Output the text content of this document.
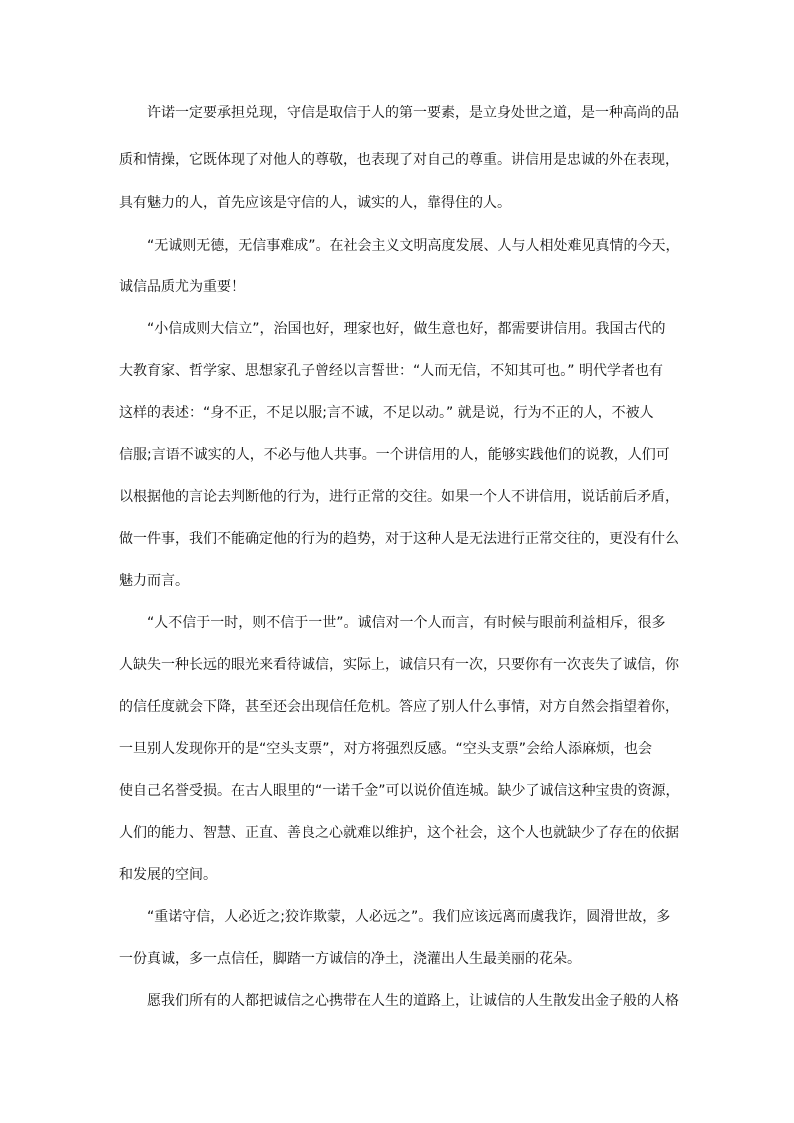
许诺一定要承担兑现，守信是取信于人的第一要素，是立身处世之道，是一种高尚的品
质和情操，它既体现了对他人的尊敬，也表现了对自己的尊重。讲信用是忠诚的外在表现，
具有魅力的人，首先应该是守信的人，诚实的人，靠得住的人。
“无诚则无德，无信事难成”。在社会主义文明高度发展、人与人相处难见真情的今天，
诚信品质尤为重要！
“小信成则大信立”，治国也好，理家也好，做生意也好，都需要讲信用。我国古代的
大教育家、哲学家、思想家孔子曾经以言誓世：“人而无信，不知其可也。” 明代学者也有
这样的表述：“身不正，不足以服;言不诚，不足以动。” 就是说，行为不正的人，不被人
信服;言语不诚实的人，不必与他人共事。一个讲信用的人，能够实践他们的说教，人们可
以根据他的言论去判断他的行为，进行正常的交往。如果一个人不讲信用，说话前后矛盾，
做一件事，我们不能确定他的行为的趋势，对于这种人是无法进行正常交往的，更没有什么
魅力而言。
“人不信于一时，则不信于一世”。诚信对一个人而言，有时候与眼前利益相斥，很多
人缺失一种长远的眼光来看待诚信，实际上，诚信只有一次，只要你有一次丧失了诚信，你
的信任度就会下降，甚至还会出现信任危机。答应了别人什么事情，对方自然会指望着你，
一旦别人发现你开的是“空头支票”，对方将强烈反感。“空头支票”会给人添麻烦，也会
使自己名誉受损。在古人眼里的“一诺千金”可以说价值连城。缺少了诚信这种宝贵的资源，
人们的能力、智慧、正直、善良之心就难以维护，这个社会，这个人也就缺少了存在的依据
和发展的空间。
“重诺守信，人必近之;狡诈欺蒙，人必远之”。我们应该远离而虞我诈，圆滑世故，多
一份真诚，多一点信任，脚踏一方诚信的净土，浇灌出人生最美丽的花朵。
愿我们所有的人都把诚信之心携带在人生的道路上，让诚信的人生散发出金子般的人格
